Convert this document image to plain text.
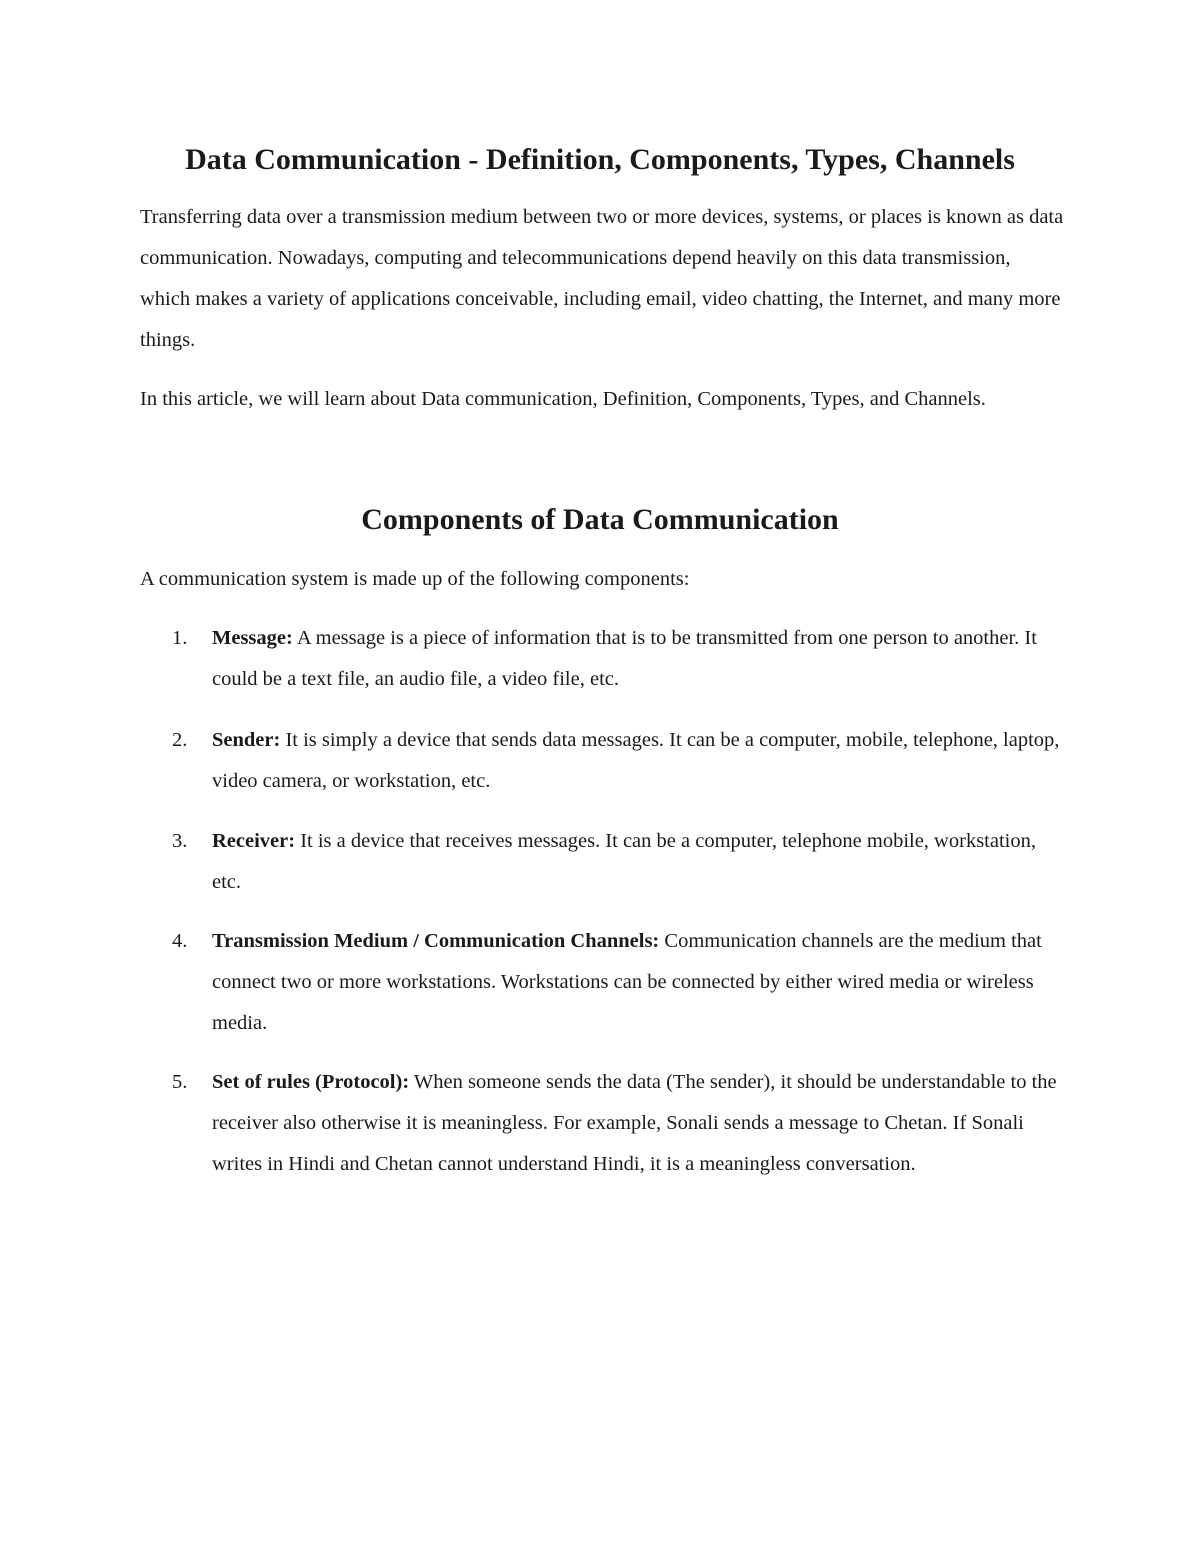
Data Communication - Definition, Components, Types, Channels

Transferring data over a transmission medium between two or more devices, systems, or places is known as data communication. Nowadays, computing and telecommunications depend heavily on this data transmission, which makes a variety of applications conceivable, including email, video chatting, the Internet, and many more things.

In this article, we will learn about Data communication, Definition, Components, Types, and Channels.

Components of Data Communication

A communication system is made up of the following components:

1. Message: A message is a piece of information that is to be transmitted from one person to another. It could be a text file, an audio file, a video file, etc.
2. Sender: It is simply a device that sends data messages. It can be a computer, mobile, telephone, laptop, video camera, or workstation, etc.
3. Receiver: It is a device that receives messages. It can be a computer, telephone mobile, workstation, etc.
4. Transmission Medium / Communication Channels: Communication channels are the medium that connect two or more workstations. Workstations can be connected by either wired media or wireless media.
5. Set of rules (Protocol): When someone sends the data (The sender), it should be understandable to the receiver also otherwise it is meaningless. For example, Sonali sends a message to Chetan. If Sonali writes in Hindi and Chetan cannot understand Hindi, it is a meaningless conversation.
